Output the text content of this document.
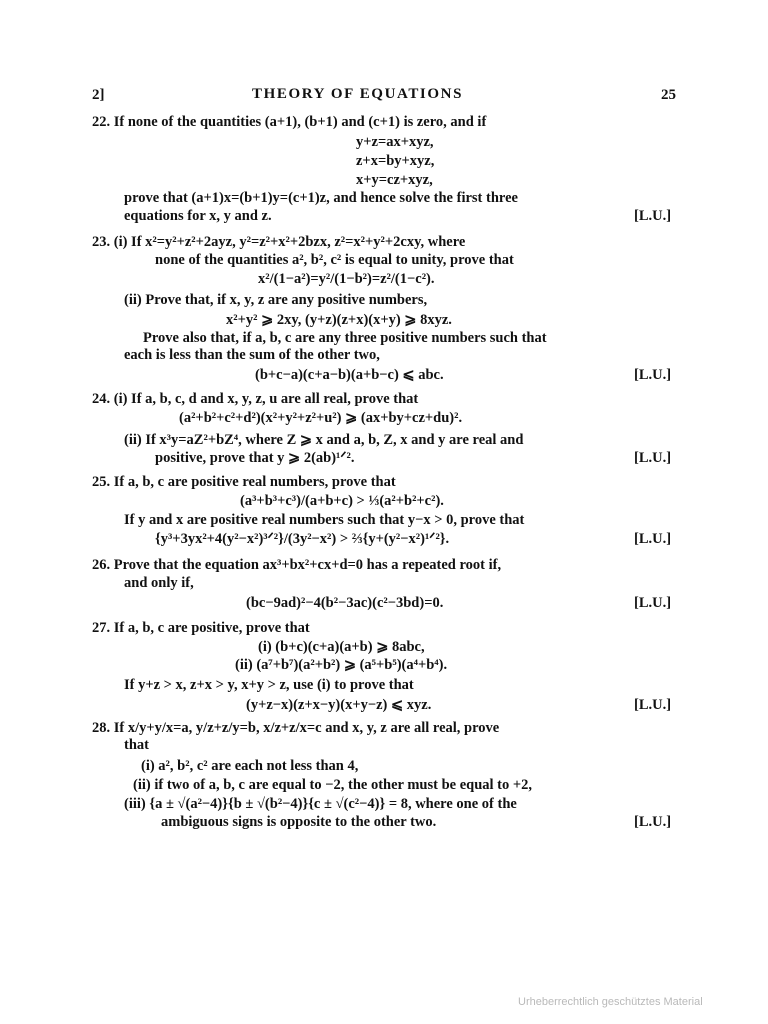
2]	THEORY OF EQUATIONS	25
22. If none of the quantities (a+1), (b+1) and (c+1) is zero, and if
y+z=ax+xyz,
z+x=by+xyz,
x+y=cz+xyz,
prove that (a+1)x=(b+1)y=(c+1)z, and hence solve the first three
equations for x, y and z.	[L.U.]
23. (i) If x²=y²+z²+2ayz, y²=z²+x²+2bzx, z²=x²+y²+2cxy, where
none of the quantities a², b², c² is equal to unity, prove that
x²/(1−a²)=y²/(1−b²)=z²/(1−c²).
(ii) Prove that, if x, y, z are any positive numbers,
x²+y² ⩾ 2xy, (y+z)(z+x)(x+y) ⩾ 8xyz.
Prove also that, if a, b, c are any three positive numbers such that
each is less than the sum of the other two,
(b+c−a)(c+a−b)(a+b−c) ⩽ abc.	[L.U.]
24. (i) If a, b, c, d and x, y, z, u are all real, prove that
(a²+b²+c²+d²)(x²+y²+z²+u²) ⩾ (ax+by+cz+du)².
(ii) If x³y=aZ²+bZ⁴, where Z ⩾ x and a, b, Z, x and y are real and
positive, prove that y ⩾ 2(ab)¹ᐟ².	[L.U.]
25. If a, b, c are positive real numbers, prove that
(a³+b³+c³)/(a+b+c) > ⅓(a²+b²+c²).
If y and x are positive real numbers such that y−x > 0, prove that
{y³+3yx²+4(y²−x²)³ᐟ²}/(3y²−x²) > ⅔{y+(y²−x²)¹ᐟ²}.	[L.U.]
26. Prove that the equation ax³+bx²+cx+d=0 has a repeated root if,
and only if,
(bc−9ad)²−4(b²−3ac)(c²−3bd)=0.	[L.U.]
27. If a, b, c are positive, prove that
(i) (b+c)(c+a)(a+b) ⩾ 8abc,
(ii) (a⁷+b⁷)(a²+b²) ⩾ (a⁵+b⁵)(a⁴+b⁴).
If y+z > x, z+x > y, x+y > z, use (i) to prove that
(y+z−x)(z+x−y)(x+y−z) ⩽ xyz.	[L.U.]
28. If x/y+y/x=a, y/z+z/y=b, x/z+z/x=c and x, y, z are all real, prove
that
(i) a², b², c² are each not less than 4,
(ii) if two of a, b, c are equal to −2, the other must be equal to +2,
(iii) {a ± √(a²−4)}{b ± √(b²−4)}{c ± √(c²−4)} = 8, where one of the
ambiguous signs is opposite to the other two.	[L.U.]
Urheberrechtlich geschütztes Material
